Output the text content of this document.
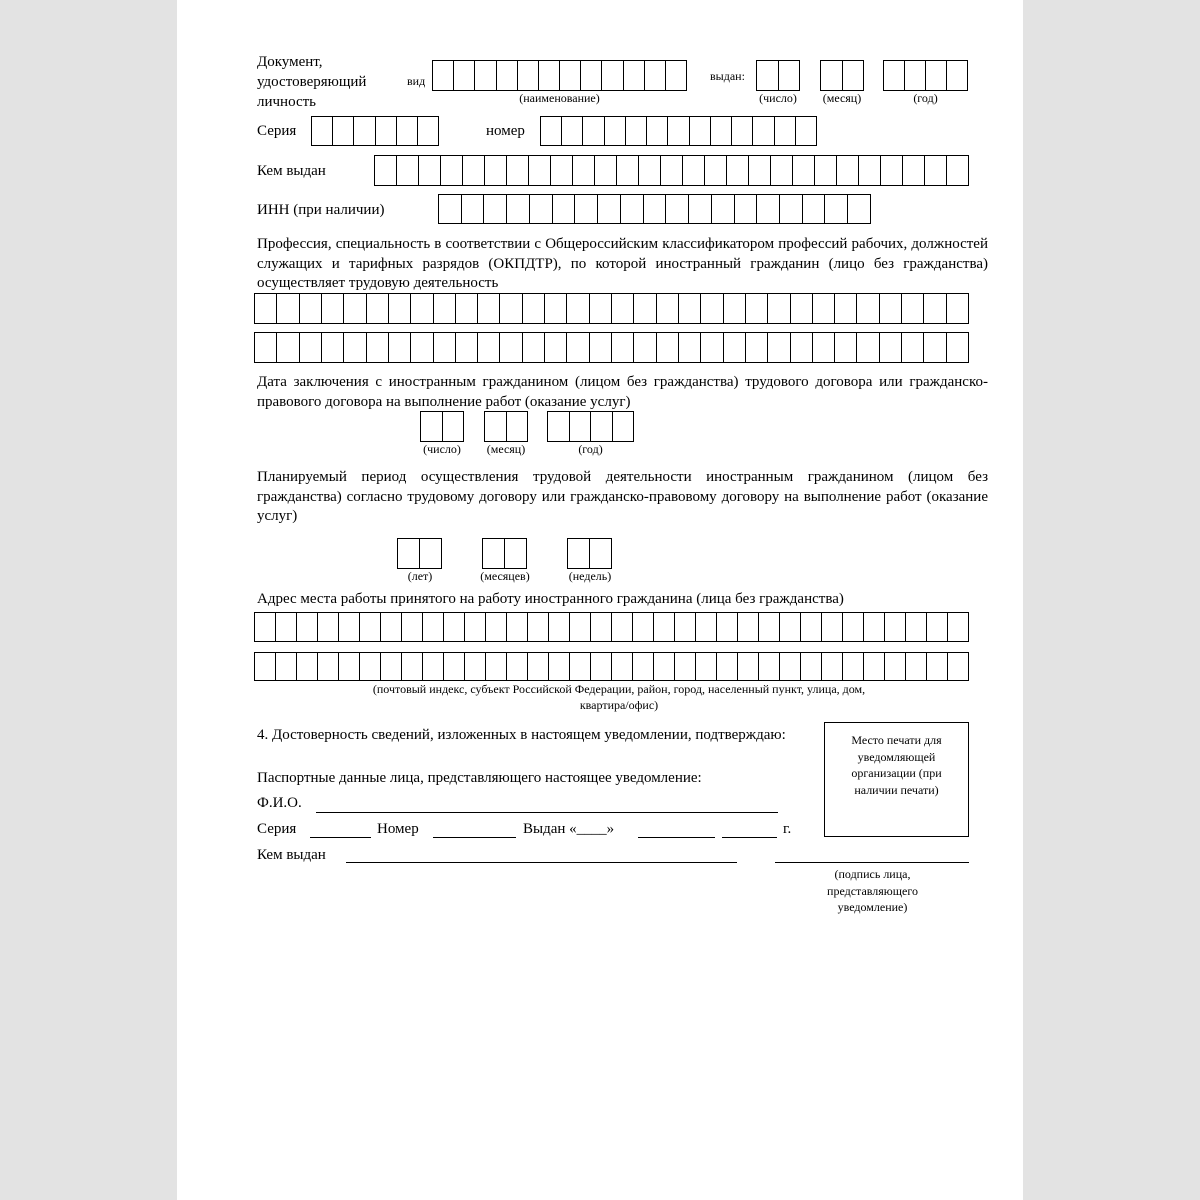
Документ,
удостоверяющий
личность
вид
(наименование)
выдан:
(число)	(месяц)	(год)
Серия	номер
Кем выдан
ИНН (при наличии)
Профессия, специальность в соответствии с Общероссийским классификатором профессий рабочих, должностей служащих и тарифных разрядов (ОКПДТР), по которой иностранный гражданин (лицо без гражданства) осуществляет трудовую деятельность
Дата заключения с иностранным гражданином (лицом без гражданства) трудового договора или гражданско-правового договора на выполнение работ (оказание услуг)
(число)	(месяц)	(год)
Планируемый период осуществления трудовой деятельности иностранным гражданином (лицом без гражданства) согласно трудовому договору или гражданско-правовому договору на выполнение работ (оказание услуг)
(лет)	(месяцев)	(недель)
Адрес места работы принятого на работу иностранного гражданина (лица без гражданства)
(почтовый индекс, субъект Российской Федерации, район, город, населенный пункт, улица, дом,
квартира/офис)
4. Достоверность сведений, изложенных в настоящем уведомлении, подтверждаю:
Паспортные данные лица, представляющего настоящее уведомление:
Ф.И.О.
Серия	Номер	Выдан «____»	г.
Кем выдан
Место печати для уведомляющей организации (при наличии печати)
(подпись лица, представляющего уведомление)
